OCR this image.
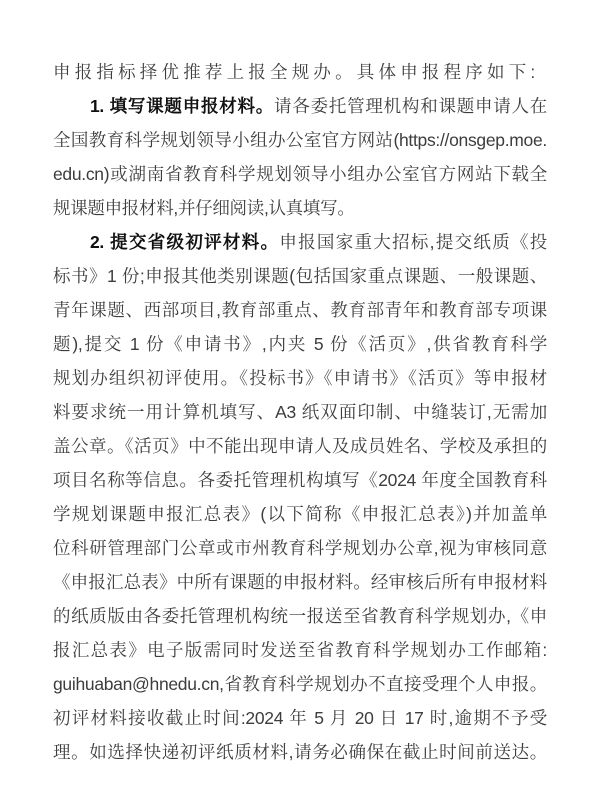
申报指标择优推荐上报全规办。具体申报程序如下:
1. 填写课题申报材料。请各委托管理机构和课题申请人在
全国教育科学规划领导小组办公室官方网站(https://onsgep.moe.
edu.cn)或湖南省教育科学规划领导小组办公室官方网站下载全
规课题申报材料,并仔细阅读,认真填写。
2. 提交省级初评材料。申报国家重大招标,提交纸质《投
标书》1 份;申报其他类别课题(包括国家重点课题、一般课题、
青年课题、西部项目,教育部重点、教育部青年和教育部专项课
题),提交 1 份《申请书》,内夹 5 份《活页》,供省教育科学
规划办组织初评使用。《投标书》《申请书》《活页》等申报材
料要求统一用计算机填写、A3 纸双面印制、中缝装订,无需加
盖公章。《活页》中不能出现申请人及成员姓名、学校及承担的
项目名称等信息。各委托管理机构填写《2024 年度全国教育科
学规划课题申报汇总表》(以下简称《申报汇总表》)并加盖单
位科研管理部门公章或市州教育科学规划办公章,视为审核同意
《申报汇总表》中所有课题的申报材料。经审核后所有申报材料
的纸质版由各委托管理机构统一报送至省教育科学规划办,《申
报汇总表》电子版需同时发送至省教育科学规划办工作邮箱:
guihuaban@hnedu.cn,省教育科学规划办不直接受理个人申报。
初评材料接收截止时间:2024 年 5 月 20 日 17 时,逾期不予受
理。如选择快递初评纸质材料,请务必确保在截止时间前送达。
